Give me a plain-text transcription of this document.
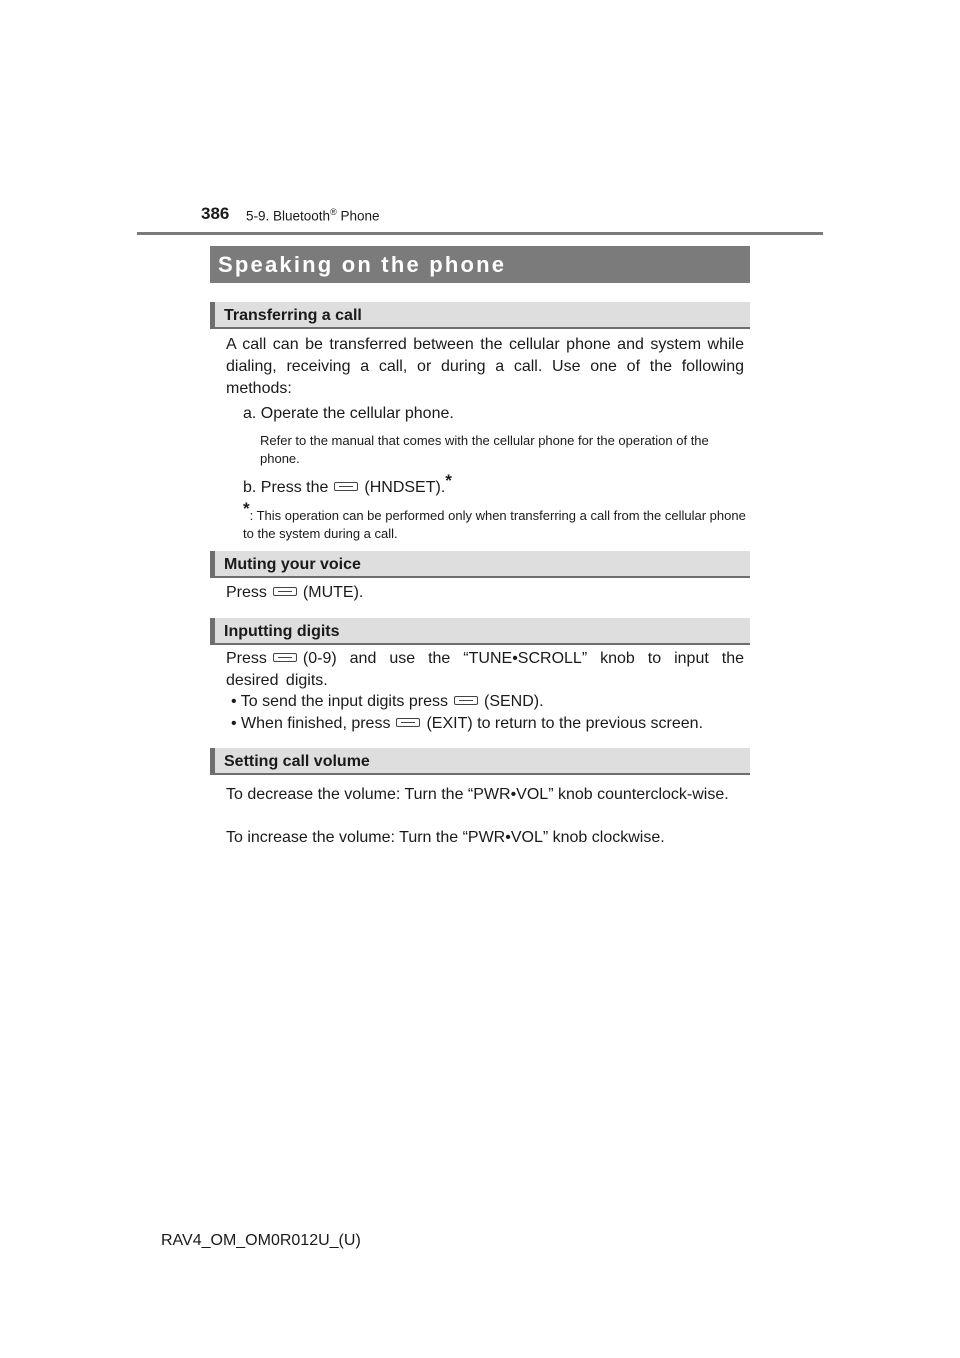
386 5-9. Bluetooth® Phone
Speaking on the phone
Transferring a call
A call can be transferred between the cellular phone and system while dialing, receiving a call, or during a call. Use one of the following methods:
a. Operate the cellular phone.
Refer to the manual that comes with the cellular phone for the operation of the phone.
b. Press the (HNDSET).*
*: This operation can be performed only when transferring a call from the cellular phone to the system during a call.
Muting your voice
Press (MUTE).
Inputting digits
Press (0-9) and use the “TUNE•SCROLL” knob to input the desired digits.
• To send the input digits press (SEND).
• When finished, press (EXIT) to return to the previous screen.
Setting call volume
To decrease the volume: Turn the “PWR•VOL” knob counterclock-wise.
To increase the volume: Turn the “PWR•VOL” knob clockwise.
RAV4_OM_OM0R012U_(U)
